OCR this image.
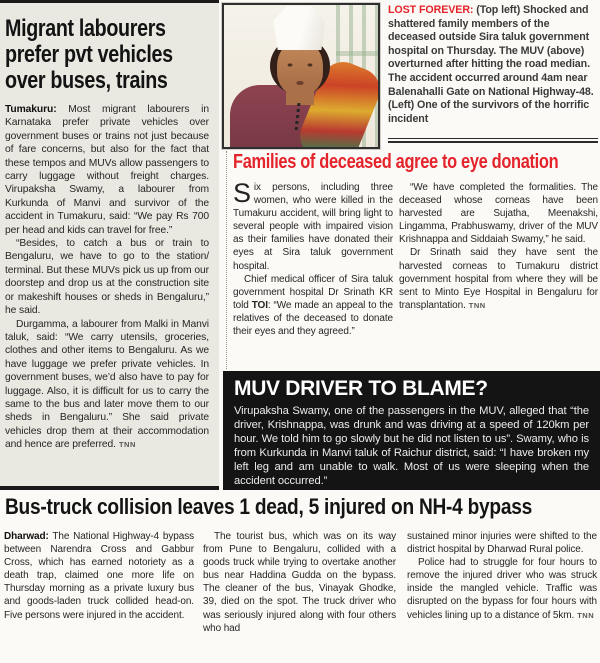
Migrant labourers prefer pvt vehicles over buses, trains

Tumakuru: Most migrant labourers in Karnataka prefer private vehicles over government buses or trains not just because of fare concerns, but also for the fact that these tempos and MUVs allow passengers to carry luggage without freight charges. Virupaksha Swamy, a labourer from Kurkunda of Manvi and survivor of the accident in Tumakuru, said: “We pay Rs 700 per head and kids can travel for free.”

“Besides, to catch a bus or train to Bengaluru, we have to go to the station/ terminal. But these MUVs pick us up from our doorstep and drop us at the construction site or makeshift houses or sheds in Bengaluru,” he said.

Durgamma, a labourer from Malki in Manvi taluk, said: “We carry utensils, groceries, clothes and other items to Bengaluru. As we have luggage we prefer private vehicles. In government buses, we’d also have to pay for luggage. Also, it is difficult for us to carry the same to the bus and later move them to our sheds in Bengaluru.” She said private vehicles drop them at their accommodation and hence are preferred. TNN

LOST FOREVER: (Top left) Shocked and shattered family members of the deceased outside Sira taluk government hospital on Thursday. The MUV (above) overturned after hitting the road median. The accident occurred around 4am near Balenahalli Gate on National Highway-48. (Left) One of the survivors of the horrific incident
Families of deceased agree to eye donation

Six persons, including three women, who were killed in the Tumakuru accident, will bring light to several people with impaired vision as their families have donated their eyes at Sira taluk government hospital.

Chief medical officer of Sira taluk government hospital Dr Srinath KR told TOI: “We made an appeal to the relatives of the deceased to donate their eyes and they agreed.”

“We have completed the formalities. The deceased whose corneas have been harvested are Sujatha, Meenakshi, Lingamma, Prabhuswamy, driver of the MUV Krishnappa and Siddaiah Swamy,” he said.

Dr Srinath said they have sent the harvested corneas to Tumakuru district government hospital from where they will be sent to Minto Eye Hospital in Bengaluru for transplantation. TNN

MUV DRIVER TO BLAME?
Virupaksha Swamy, one of the passengers in the MUV, alleged that “the driver, Krishnappa, was drunk and was driving at a speed of 120km per hour. We told him to go slowly but he did not listen to us”. Swamy, who is from Kurkunda in Manvi taluk of Raichur district, said: “I have broken my left leg and am unable to walk. Most of us were sleeping when the accident occurred.”
Bus-truck collision leaves 1 dead, 5 injured on NH-4 bypass

Dharwad: The National Highway-4 bypass between Narendra Cross and Gabbur Cross, which has earned notoriety as a death trap, claimed one more life on Thursday morning as a private luxury bus and goods-laden truck collided head-on. Five persons were injured in the accident.

The tourist bus, which was on its way from Pune to Bengaluru, collided with a goods truck while trying to overtake another bus near Haddina Gudda on the bypass. The cleaner of the bus, Vinayak Ghodke, 39, died on the spot. The truck driver who was seriously injured along with four others who had

sustained minor injuries were shifted to the district hospital by Dharwad Rural police.

Police had to struggle for four hours to remove the injured driver who was struck inside the mangled vehicle. Traffic was disrupted on the bypass for four hours with vehicles lining up to a distance of 5km. TNN
